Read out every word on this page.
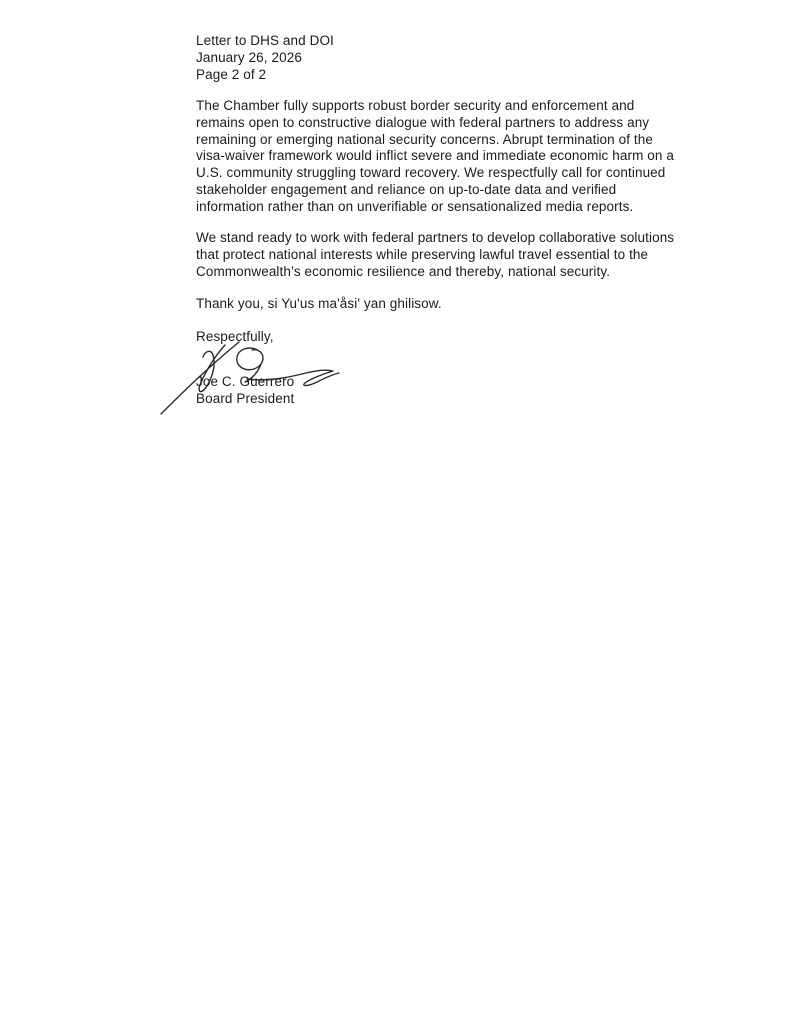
Letter to DHS and DOI
January 26, 2026
Page 2 of 2
The Chamber fully supports robust border security and enforcement and
remains open to constructive dialogue with federal partners to address any
remaining or emerging national security concerns. Abrupt termination of the
visa-waiver framework would inflict severe and immediate economic harm on a
U.S. community struggling toward recovery. We respectfully call for continued
stakeholder engagement and reliance on up-to-date data and verified
information rather than on unverifiable or sensationalized media reports.
We stand ready to work with federal partners to develop collaborative solutions
that protect national interests while preserving lawful travel essential to the
Commonwealth’s economic resilience and thereby, national security.
Thank you, si Yu'us ma'åsi' yan ghilisow.
Respectfully,
Joe C. Guerrero
Board President
